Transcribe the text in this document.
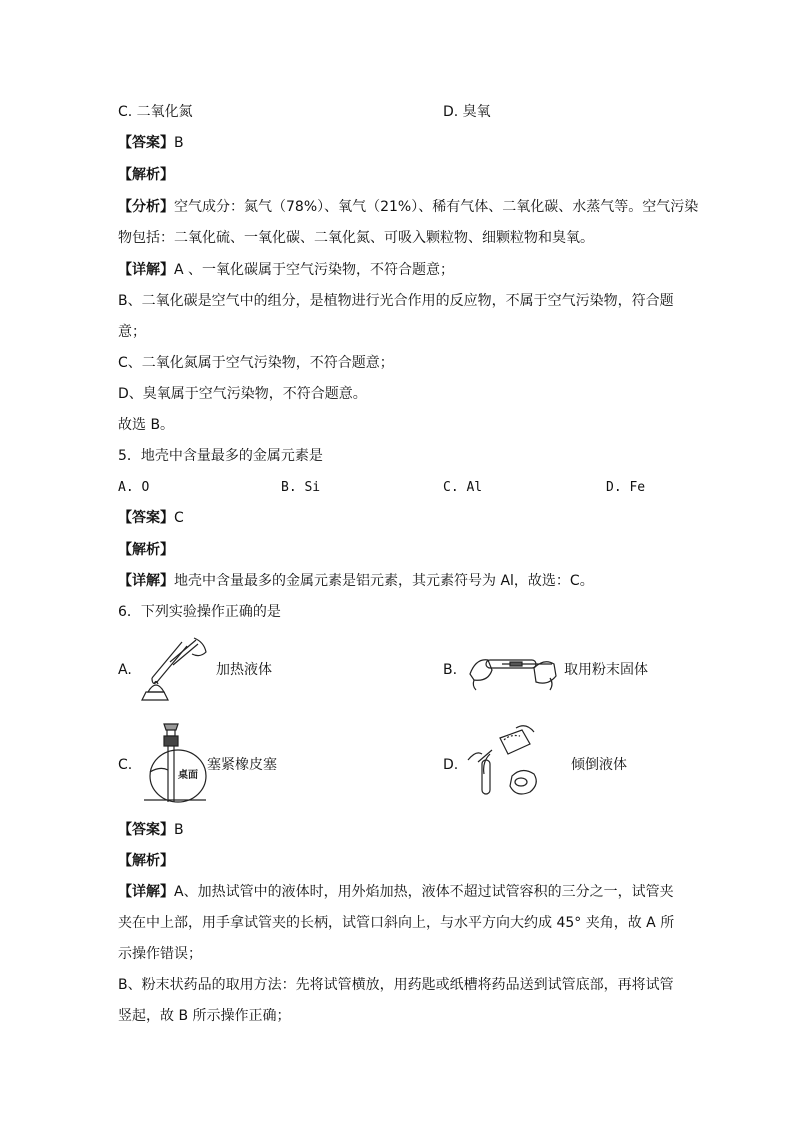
C. 二氧化氮	D. 臭氧
【答案】B
【解析】
【分析】空气成分：氮气（78%）、氧气（21%）、稀有气体、二氧化碳、水蒸气等。空气污染
物包括：二氧化硫、一氧化碳、二氧化氮、可吸入颗粒物、细颗粒物和臭氧。
【详解】A 、一氧化碳属于空气污染物，不符合题意；
B、二氧化碳是空气中的组分，是植物进行光合作用的反应物，不属于空气污染物，符合题
意；
C、二氧化氮属于空气污染物，不符合题意；
D、臭氧属于空气污染物，不符合题意。
故选 B。
5．地壳中含量最多的金属元素是
A. O	B. Si	C. Al	D. Fe
【答案】C
【解析】
【详解】地壳中含量最多的金属元素是铝元素，其元素符号为 Al，故选：C。
6．下列实验操作正确的是
A.	加热液体	B.	取用粉末固体
C.
桌面
塞紧橡皮塞	D.	倾倒液体
【答案】B
【解析】
【详解】A、加热试管中的液体时，用外焰加热，液体不超过试管容积的三分之一，试管夹
夹在中上部，用手拿试管夹的长柄，试管口斜向上，与水平方向大约成 45° 夹角，故 A 所
示操作错误；
B、粉末状药品的取用方法：先将试管横放，用药匙或纸槽将药品送到试管底部，再将试管
竖起，故 B 所示操作正确；
